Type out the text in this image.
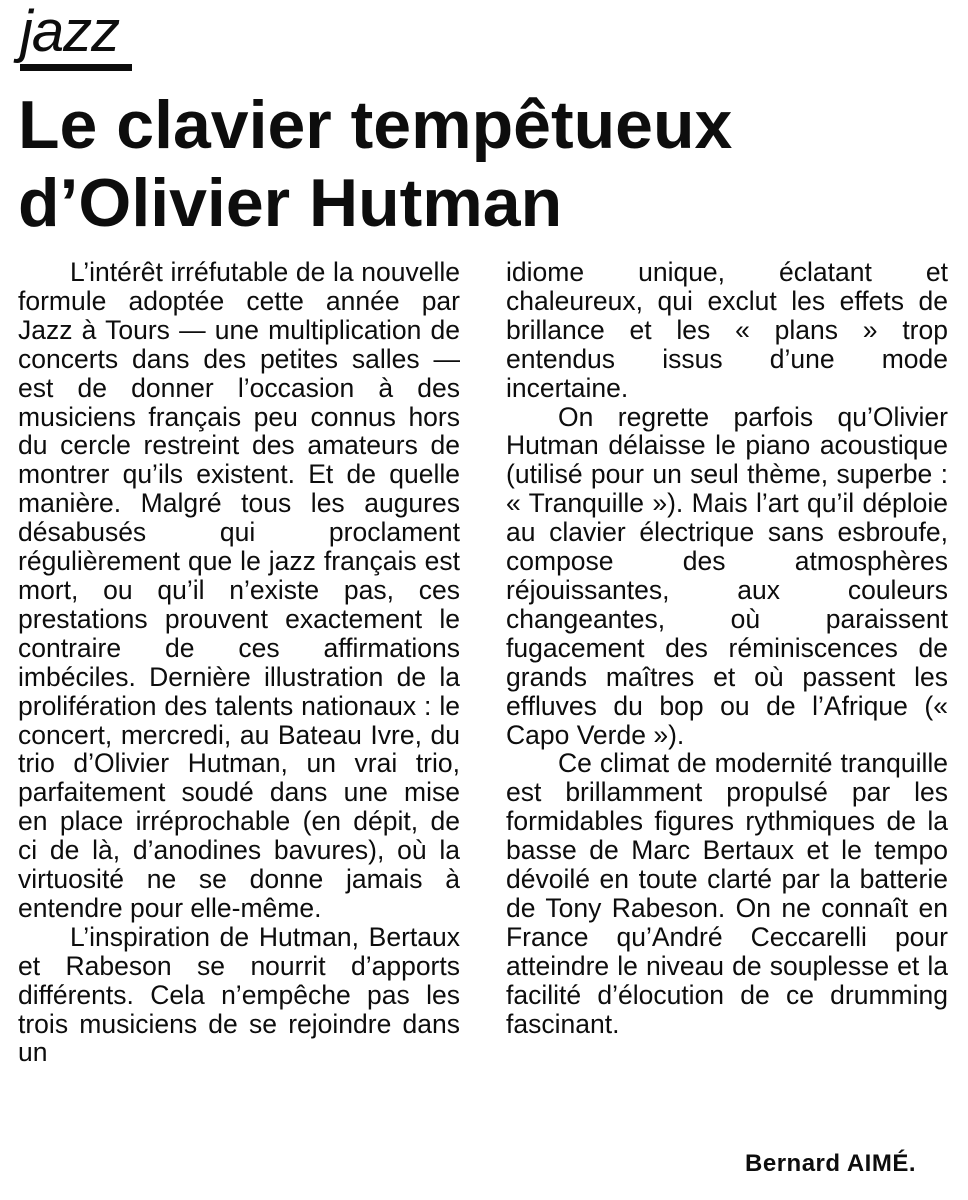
jazz
Le clavier tempêtueux
d’Olivier Hutman

L’intérêt irréfutable de la nouvelle formule adoptée cette année par Jazz à Tours — une multiplication de concerts dans des petites salles — est de donner l’occasion à des musiciens français peu connus hors du cercle restreint des amateurs de montrer qu’ils existent. Et de quelle manière. Malgré tous les augures désabusés qui proclament régulièrement que le jazz français est mort, ou qu’il n’existe pas, ces prestations prouvent exactement le contraire de ces affirmations imbéciles. Dernière illustration de la prolifération des talents nationaux : le concert, mercredi, au Bateau Ivre, du trio d’Olivier Hutman, un vrai trio, parfaitement soudé dans une mise en place irréprochable (en dépit, de ci de là, d’anodines bavures), où la virtuosité ne se donne jamais à entendre pour elle-même.

L’inspiration de Hutman, Bertaux et Rabeson se nourrit d’apports différents. Cela n’empêche pas les trois musiciens de se rejoindre dans un

idiome unique, éclatant et chaleureux, qui exclut les effets de brillance et les « plans » trop entendus issus d’une mode incertaine.

On regrette parfois qu’Olivier Hutman délaisse le piano acoustique (utilisé pour un seul thème, superbe : « Tranquille »). Mais l’art qu’il déploie au clavier électrique sans esbroufe, compose des atmosphères réjouissantes, aux couleurs changeantes, où paraissent fugacement des réminiscences de grands maîtres et où passent les effluves du bop ou de l’Afrique (« Capo Verde »).

Ce climat de modernité tranquille est brillamment propulsé par les formidables figures rythmiques de la basse de Marc Bertaux et le tempo dévoilé en toute clarté par la batterie de Tony Rabeson. On ne connaît en France qu’André Ceccarelli pour atteindre le niveau de souplesse et la facilité d’élocution de ce drumming fascinant.

Bernard AIMÉ.
